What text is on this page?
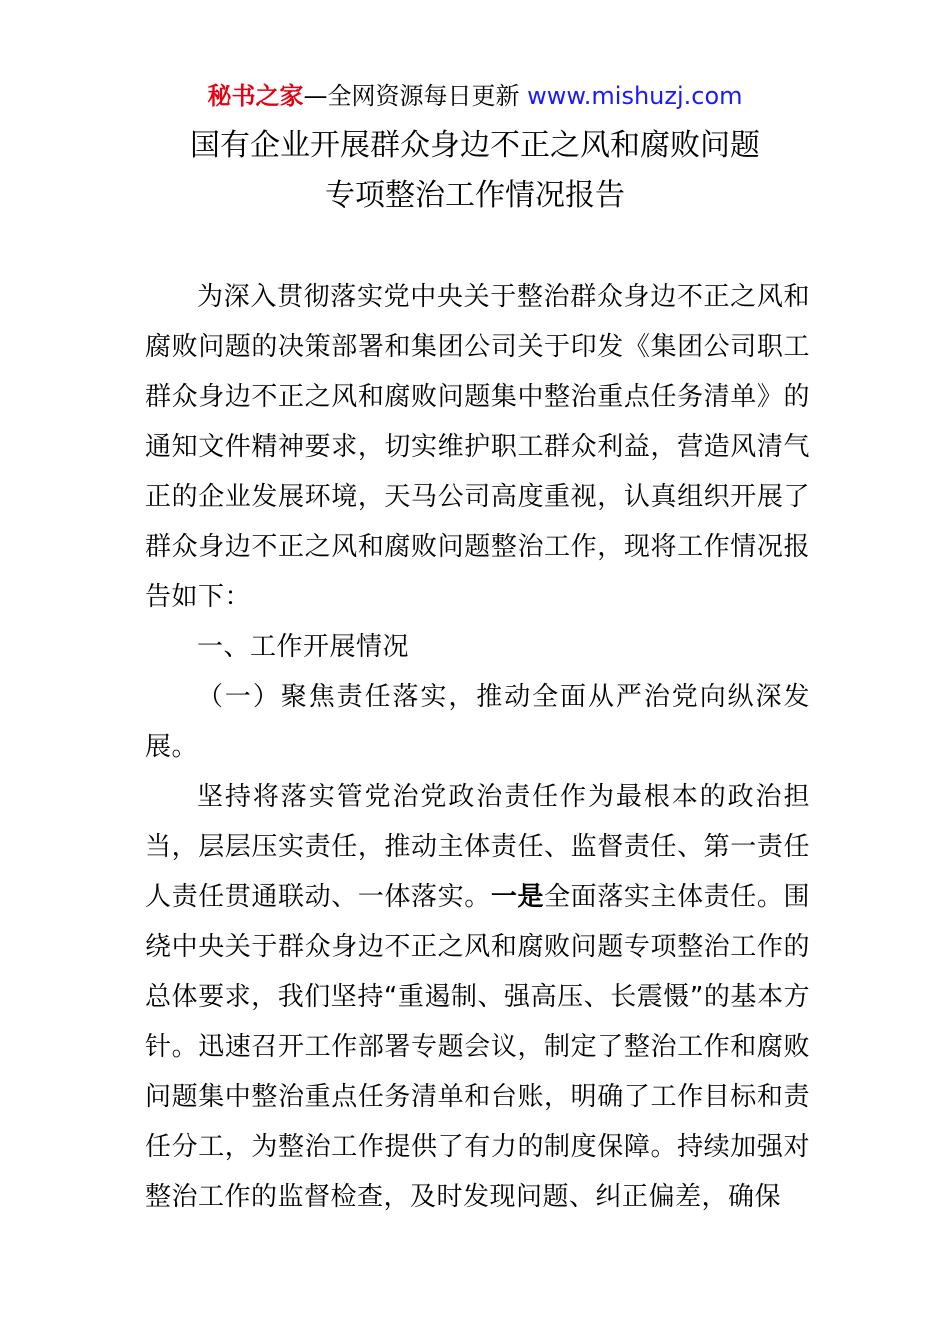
秘书之家—全网资源每日更新 www.mishuzj.com
国有企业开展群众身边不正之风和腐败问题
专项整治工作情况报告

为深入贯彻落实党中央关于整治群众身边不正之风和腐败问题的决策部署和集团公司关于印发《集团公司职工群众身边不正之风和腐败问题集中整治重点任务清单》的通知文件精神要求，切实维护职工群众利益，营造风清气正的企业发展环境，天马公司高度重视，认真组织开展了群众身边不正之风和腐败问题整治工作，现将工作情况报告如下：

一、工作开展情况

（一）聚焦责任落实，推动全面从严治党向纵深发展。

坚持将落实管党治党政治责任作为最根本的政治担当，层层压实责任，推动主体责任、监督责任、第一责任人责任贯通联动、一体落实。一是全面落实主体责任。围绕中央关于群众身边不正之风和腐败问题专项整治工作的总体要求，我们坚持“重遏制、强高压、长震慑”的基本方针。迅速召开工作部署专题会议，制定了整治工作和腐败问题集中整治重点任务清单和台账，明确了工作目标和责任分工，为整治工作提供了有力的制度保障。持续加强对整治工作的监督检查，及时发现问题、纠正偏差，确保
